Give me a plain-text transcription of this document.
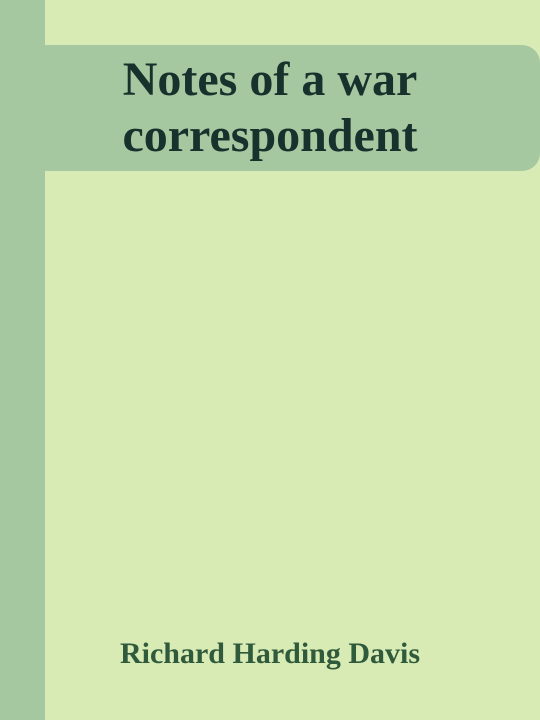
Notes of a war
correspondent

Richard Harding Davis
